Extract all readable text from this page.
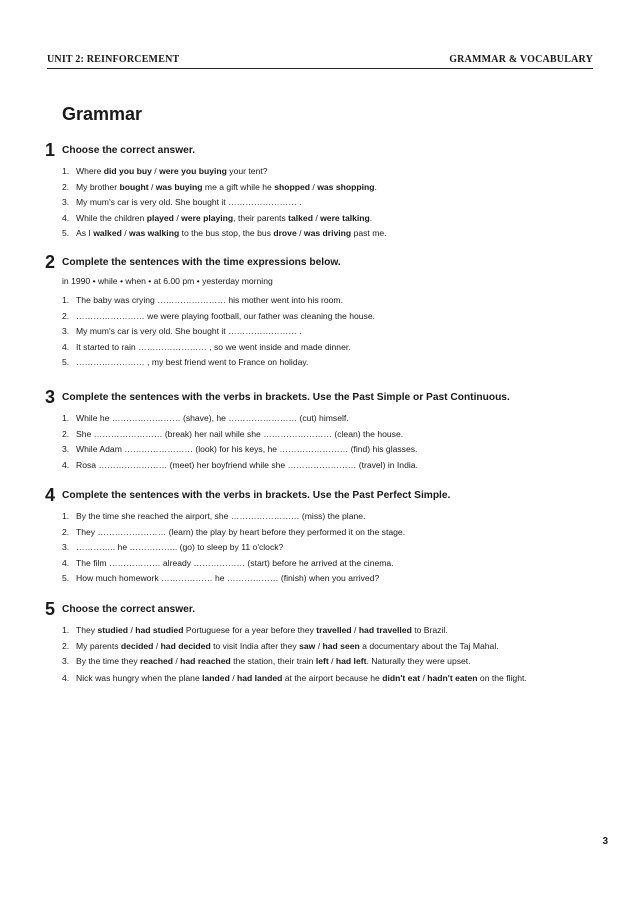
UNIT 2: REINFORCEMENT	GRAMMAR & VOCABULARY
Grammar
1 Choose the correct answer.
1. Where did you buy / were you buying your tent?
2. My brother bought / was buying me a gift while he shopped / was shopping.
3. My mum's car is very old. She bought it …………………… .
4. While the children played / were playing, their parents talked / were talking.
5. As I walked / was walking to the bus stop, the bus drove / was driving past me.
2 Complete the sentences with the time expressions below.
in 1990 • while • when • at 6.00 pm • yesterday morning
1. The baby was crying …………………… his mother went into his room.
2. …………………… we were playing football, our father was cleaning the house.
3. My mum's car is very old. She bought it …………………… .
4. It started to rain …………………… , so we went inside and made dinner.
5. …………………… , my best friend went to France on holiday.
3 Complete the sentences with the verbs in brackets. Use the Past Simple or Past Continuous.
1. While he …………………… (shave), he …………………… (cut) himself.
2. She …………………… (break) her nail while she …………………… (clean) the house.
3. While Adam …………………… (look) for his keys, he …………………… (find) his glasses.
4. Rosa …………………… (meet) her boyfriend while she …………………… (travel) in India.
4 Complete the sentences with the verbs in brackets. Use the Past Perfect Simple.
1. By the time she reached the airport, she …………………… (miss) the plane.
2. They …………………… (learn) the play by heart before they performed it on the stage.
3. ………….. he …………….. (go) to sleep by 11 o'clock?
4. The film ……………… already ……………… (start) before he arrived at the cinema.
5. How much homework ……………… he ……………… (finish) when you arrived?
5 Choose the correct answer.
1. They studied / had studied Portuguese for a year before they travelled / had travelled to Brazil.
2. My parents decided / had decided to visit India after they saw / had seen a documentary about the Taj Mahal.
3. By the time they reached / had reached the station, their train left / had left. Naturally they were upset.
4. Nick was hungry when the plane landed / had landed at the airport because he didn't eat / hadn't eaten on the flight.
3
